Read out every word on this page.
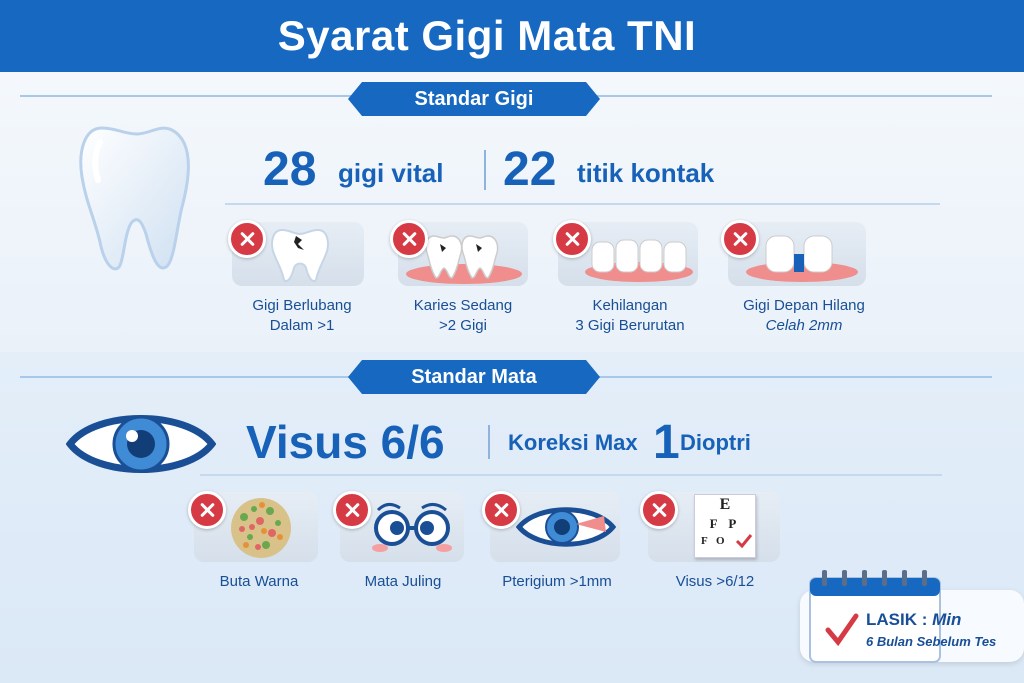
Syarat Gigi Mata TNI
Standar Gigi
28 gigi vital 22 titik kontak
Gigi Berlubang
Dalam >1
Karies Sedang
>2 Gigi
Kehilangan
3 Gigi Berurutan
Gigi Depan Hilang
Celah 2mm
Standar Mata
Visus 6/6	Koreksi Max 1 Dioptri
Buta Warna	Mata Juling	Pterigium >1mm
E
F P
F O
Visus >6/12
LASIK : Min
6 Bulan Sebelum Tes
